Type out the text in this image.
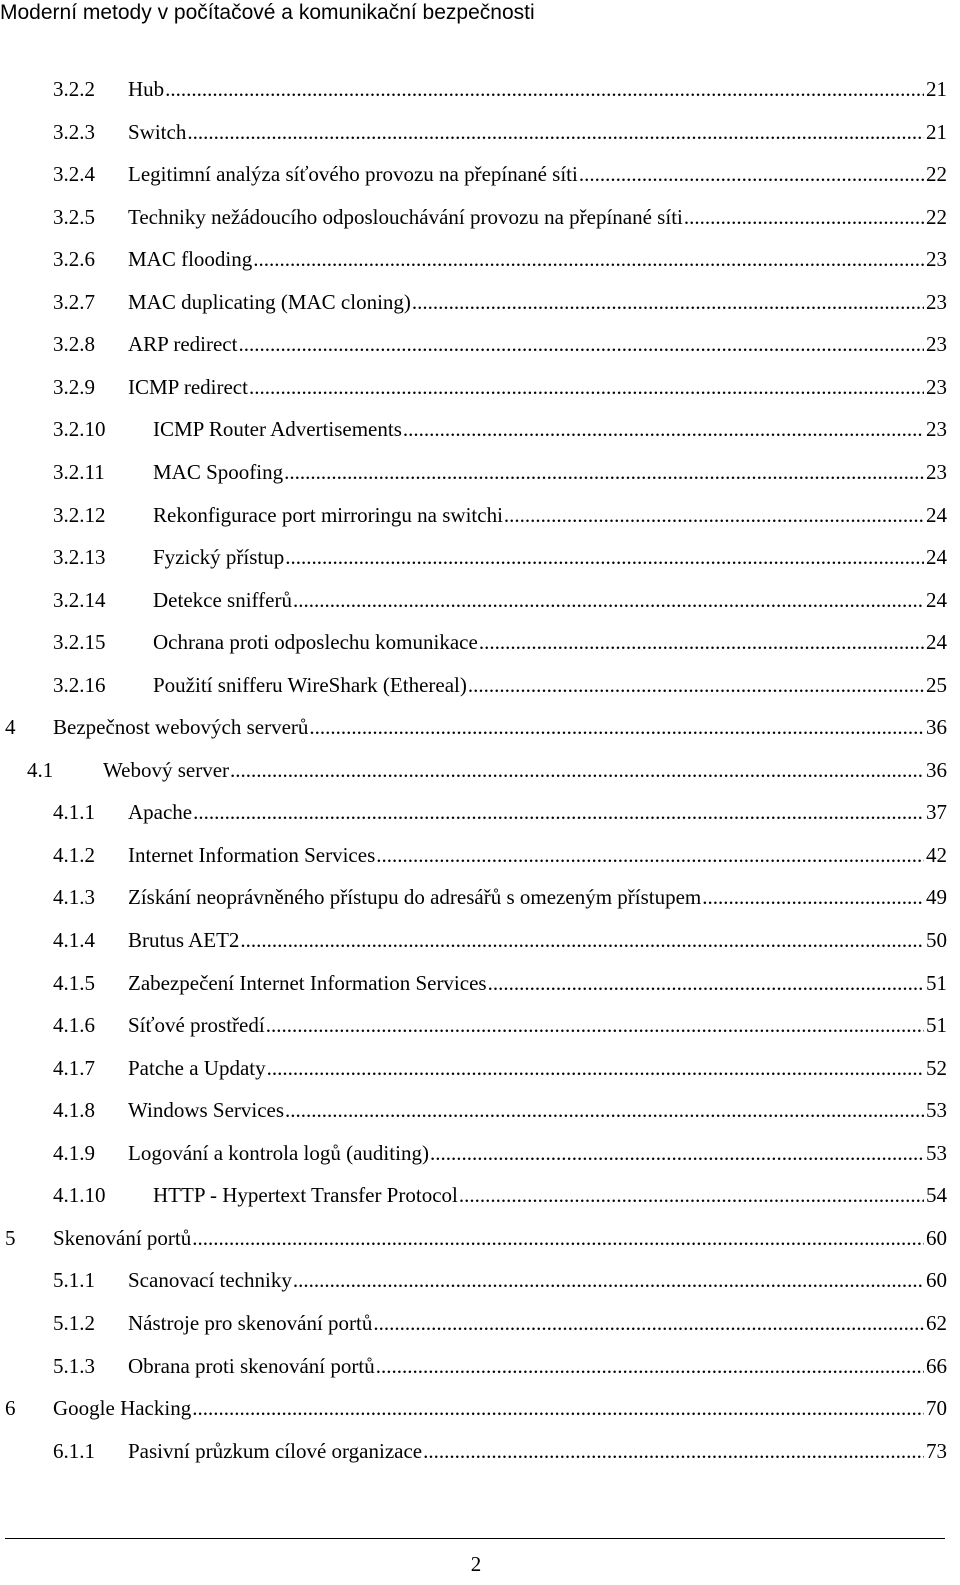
Moderní metody v počítačové a komunikační bezpečnosti
3.2.2	Hub .....	21
3.2.3	Switch .....	21
3.2.4	Legitimní analýza síťového provozu na přepínané síti .....	22
3.2.5	Techniky nežádoucího odposlouchávání provozu na přepínané síti .....	22
3.2.6	MAC flooding .....	23
3.2.7	MAC duplicating (MAC cloning) .....	23
3.2.8	ARP redirect .....	23
3.2.9	ICMP redirect .....	23
3.2.10	ICMP Router Advertisements .....	23
3.2.11	MAC Spoofing .....	23
3.2.12	Rekonfigurace port mirroringu na switchi .....	24
3.2.13	Fyzický přístup .....	24
3.2.14	Detekce snifferů .....	24
3.2.15	Ochrana proti odposlechu komunikace .....	24
3.2.16	Použití snifferu WireShark (Ethereal) .....	25
4	Bezpečnost webových serverů .....	36
4.1	Webový server .....	36
4.1.1	Apache .....	37
4.1.2	Internet Information Services .....	42
4.1.3	Získání neoprávněného přístupu do adresářů s omezeným přístupem .....	49
4.1.4	Brutus AET2 .....	50
4.1.5	Zabezpečení Internet Information Services .....	51
4.1.6	Síťové prostředí .....	51
4.1.7	Patche a Updaty .....	52
4.1.8	Windows Services .....	53
4.1.9	Logování a kontrola logů (auditing) .....	53
4.1.10	HTTP - Hypertext Transfer Protocol .....	54
5	Skenování portů .....	60
5.1.1	Scanovací techniky .....	60
5.1.2	Nástroje pro skenování portů .....	62
5.1.3	Obrana proti skenování portů .....	66
6	Google Hacking .....	70
6.1.1	Pasivní průzkum cílové organizace .....	73
2
